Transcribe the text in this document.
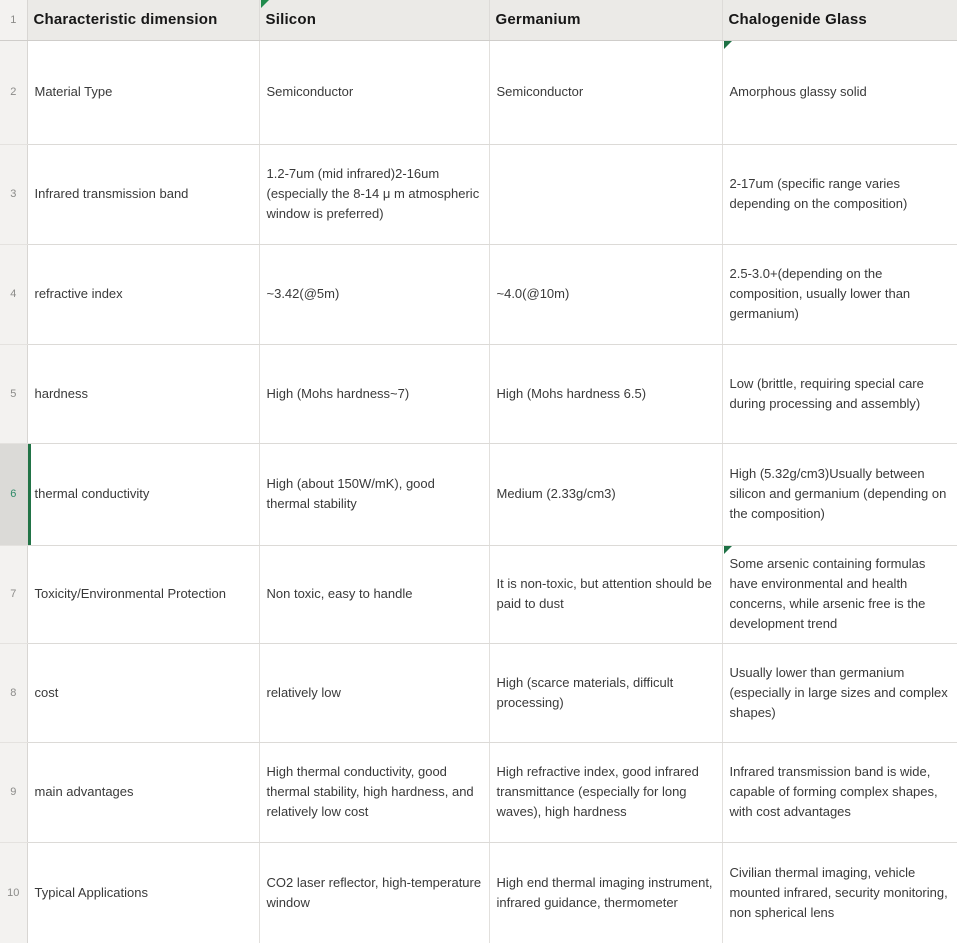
1	Characteristic dimension	Silicon	Germanium	Chalogenide Glass
2	Material Type	Semiconductor	Semiconductor	Amorphous glassy solid

3	Infrared transmission band	1.2-7um (mid infrared)2-16um (especially the 8-14 μ m atmospheric window is preferred)		2-17um (specific range varies depending on the composition)
4	refractive index	~3.42(@5m)	~4.0(@10m)	2.5-3.0+(depending on the composition, usually lower than germanium)
5	hardness	High (Mohs hardness~7)	High (Mohs hardness 6.5)	Low (brittle, requiring special care during processing and assembly)
6	thermal conductivity	High (about 150W/mK), good thermal stability	Medium (2.33g/cm3)	High (5.32g/cm3)Usually between silicon and germanium (depending on the composition)
7	Toxicity/Environmental Protection	Non toxic, easy to handle	It is non-toxic, but attention should be paid to dust	Some arsenic containing formulas have environmental and health concerns, while arsenic free is the development trend

8	cost	relatively low	High (scarce materials, difficult processing)	Usually lower than germanium (especially in large sizes and complex shapes)
9	main advantages	High thermal conductivity, good thermal stability, high hardness, and relatively low cost	High refractive index, good infrared transmittance (especially for long waves), high hardness	Infrared transmission band is wide, capable of forming complex shapes, with cost advantages
10	Typical Applications	CO2 laser reflector, high-temperature window	High end thermal imaging instrument, infrared guidance, thermometer	Civilian thermal imaging, vehicle mounted infrared, security monitoring, non spherical lens
